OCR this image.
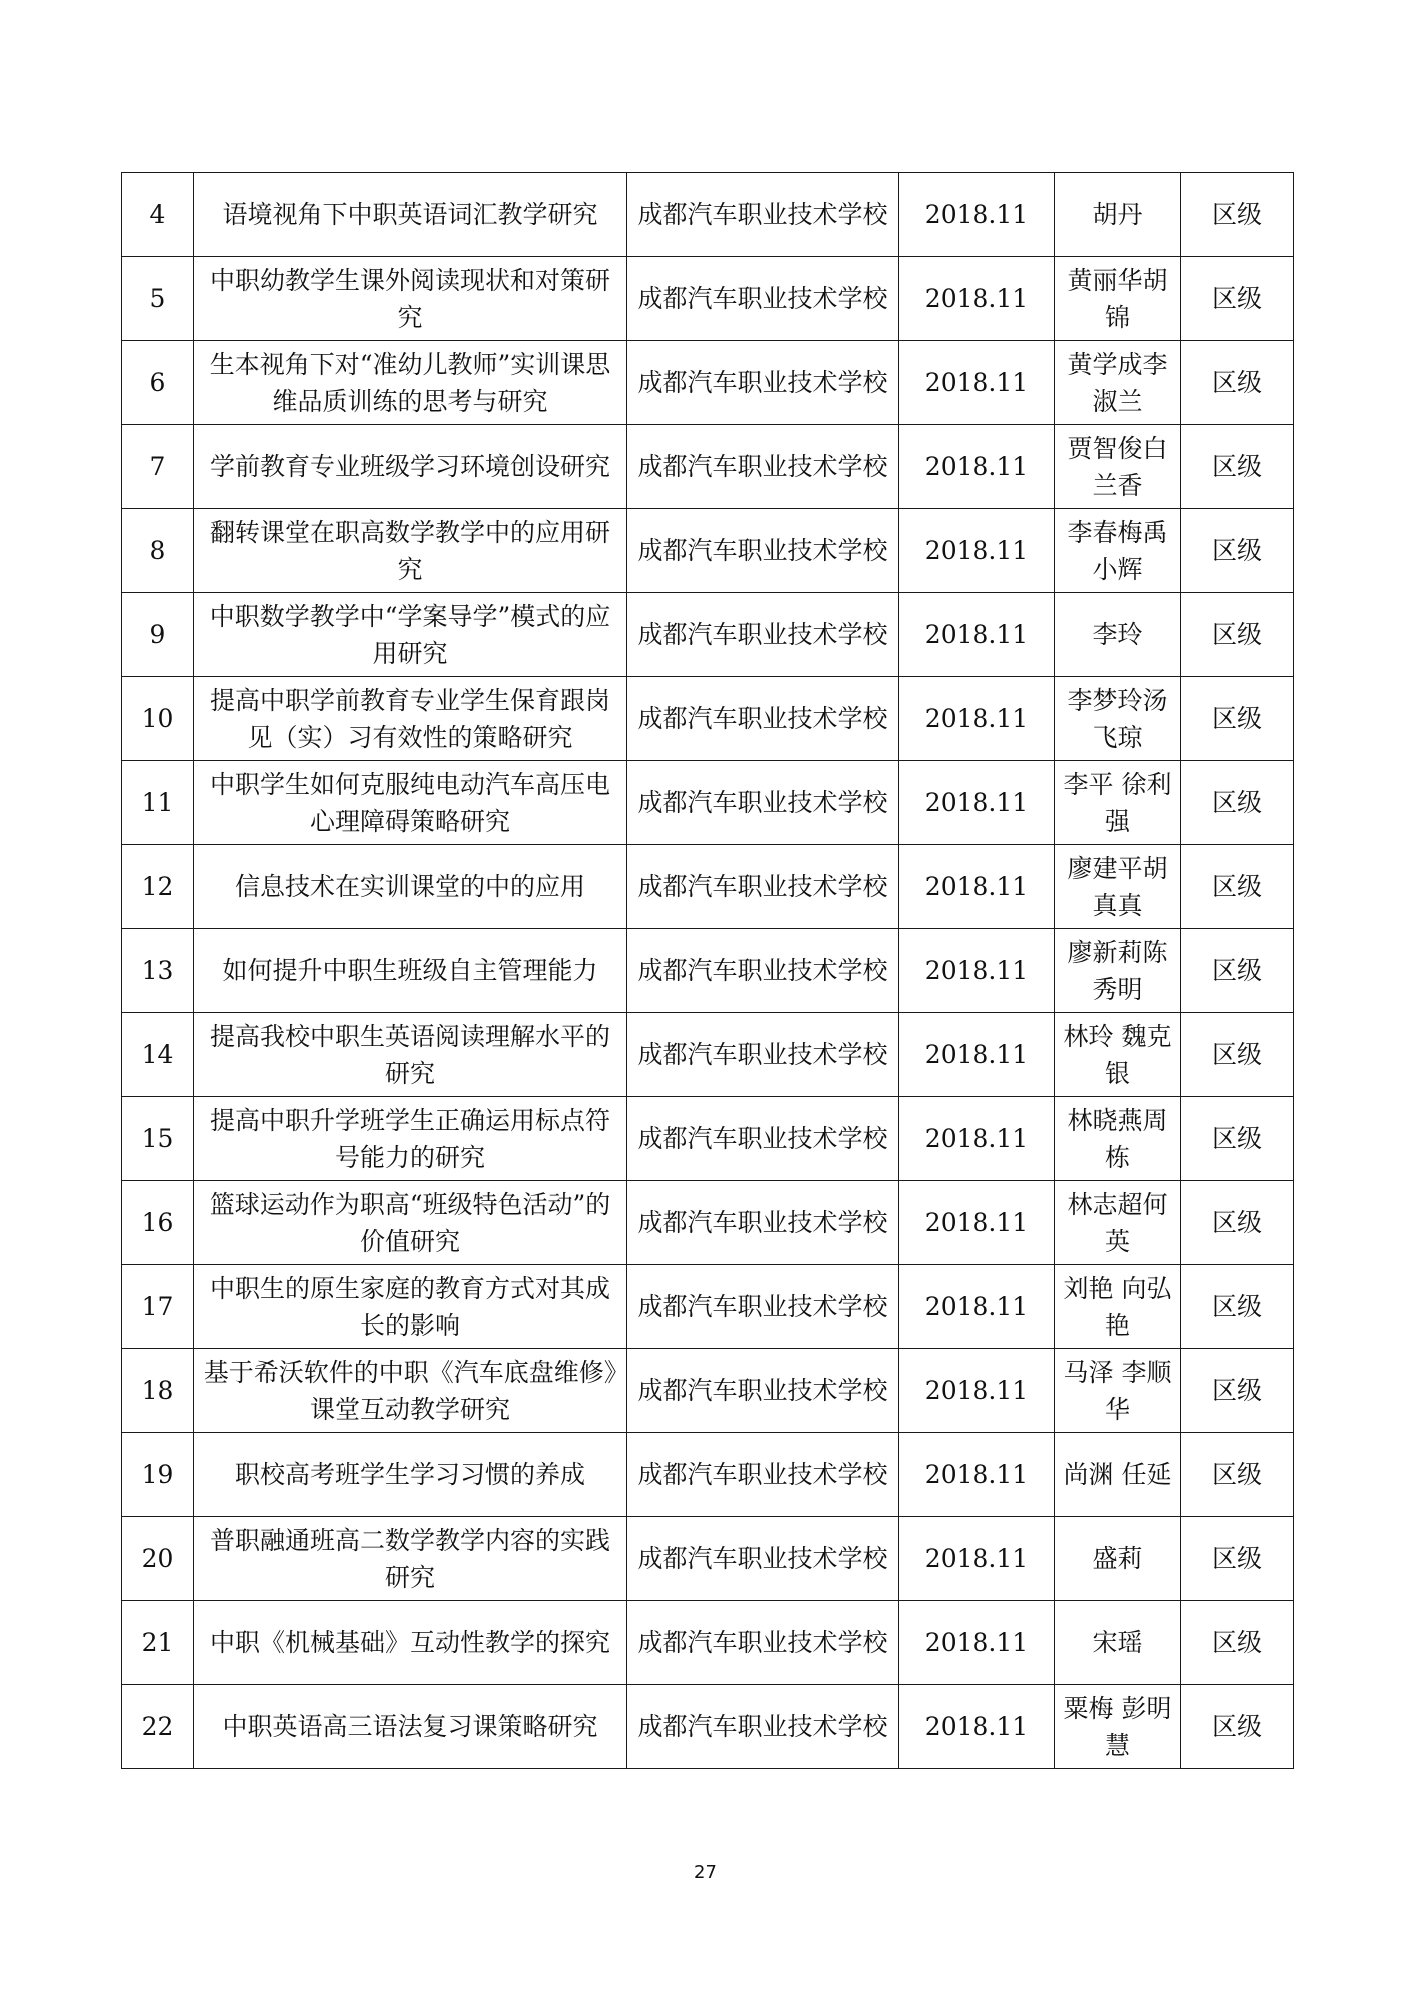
4	语境视角下中职英语词汇教学研究	成都汽车职业技术学校	2018.11	胡丹	区级
5	中职幼教学生课外阅读现状和对策研究	成都汽车职业技术学校	2018.11	黄丽华胡锦	区级
6	生本视角下对“准幼儿教师”实训课思维品质训练的思考与研究	成都汽车职业技术学校	2018.11	黄学成李淑兰	区级
7	学前教育专业班级学习环境创设研究	成都汽车职业技术学校	2018.11	贾智俊白兰香	区级
8	翻转课堂在职高数学教学中的应用研究	成都汽车职业技术学校	2018.11	李春梅禹小辉	区级
9	中职数学教学中“学案导学”模式的应用研究	成都汽车职业技术学校	2018.11	李玲	区级
10	提高中职学前教育专业学生保育跟岗见（实）习有效性的策略研究	成都汽车职业技术学校	2018.11	李梦玲汤飞琼	区级
11	中职学生如何克服纯电动汽车高压电心理障碍策略研究	成都汽车职业技术学校	2018.11	李平 徐利强	区级
12	信息技术在实训课堂的中的应用	成都汽车职业技术学校	2018.11	廖建平胡真真	区级
13	如何提升中职生班级自主管理能力	成都汽车职业技术学校	2018.11	廖新莉陈秀明	区级
14	提高我校中职生英语阅读理解水平的研究	成都汽车职业技术学校	2018.11	林玲 魏克银	区级
15	提高中职升学班学生正确运用标点符号能力的研究	成都汽车职业技术学校	2018.11	林晓燕周栋	区级
16	篮球运动作为职高“班级特色活动”的价值研究	成都汽车职业技术学校	2018.11	林志超何英	区级
17	中职生的原生家庭的教育方式对其成长的影响	成都汽车职业技术学校	2018.11	刘艳 向弘艳	区级
18	基于希沃软件的中职《汽车底盘维修》课堂互动教学研究	成都汽车职业技术学校	2018.11	马泽 李顺华	区级
19	职校高考班学生学习习惯的养成	成都汽车职业技术学校	2018.11	尚渊 任延	区级
20	普职融通班高二数学教学内容的实践研究	成都汽车职业技术学校	2018.11	盛莉	区级
21	中职《机械基础》互动性教学的探究	成都汽车职业技术学校	2018.11	宋瑶	区级
22	中职英语高三语法复习课策略研究	成都汽车职业技术学校	2018.11	粟梅 彭明慧	区级
27
